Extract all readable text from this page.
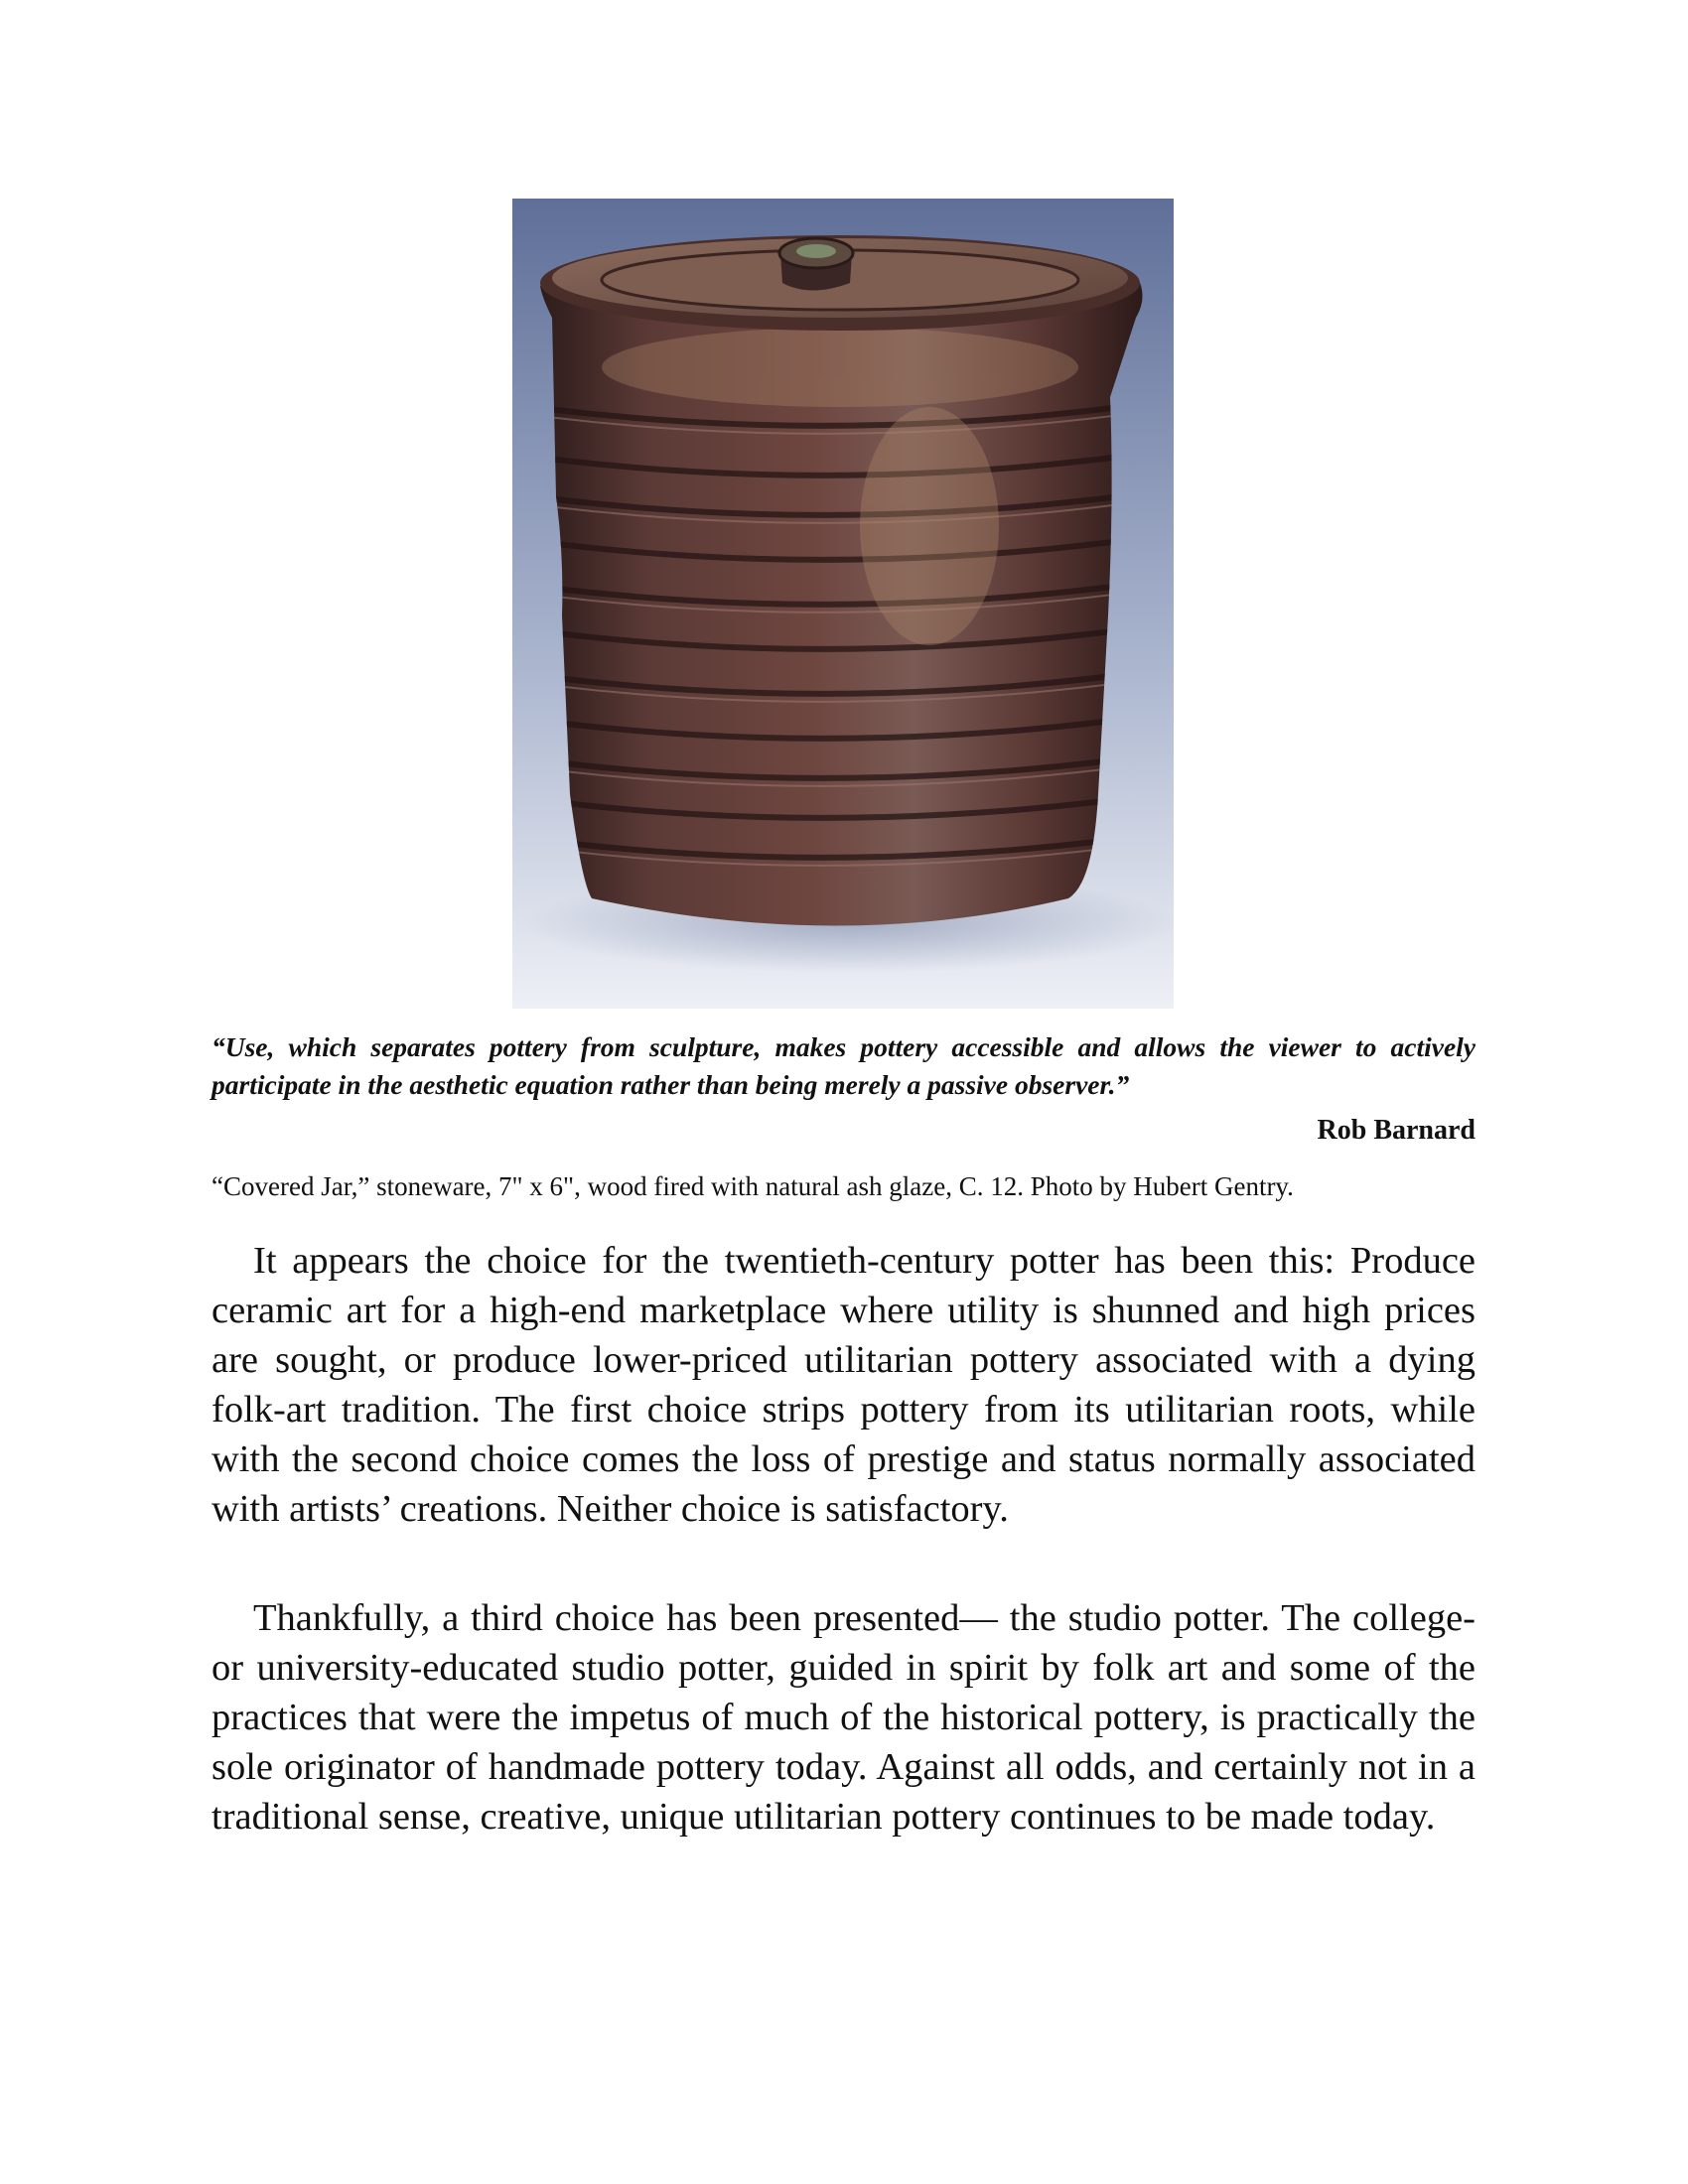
“Use, which separates pottery from sculpture, makes pottery accessible and allows the viewer to actively participate in the aesthetic equation rather than being merely a passive observer.”

Rob Barnard
“Covered Jar,” stoneware, 7" x 6", wood fired with natural ash glaze, C. 12. Photo by Hubert Gentry.

It appears the choice for the twentieth-century potter has been this: Produce ceramic art for a high-end marketplace where utility is shunned and high prices are sought, or produce lower-priced utilitarian pottery associated with a dying folk-art tradition. The first choice strips pottery from its utilitarian roots, while with the second choice comes the loss of prestige and status normally associated with artists’ creations. Neither choice is satisfactory.

Thankfully, a third choice has been presented— the studio potter. The college- or university-educated studio potter, guided in spirit by folk art and some of the practices that were the impetus of much of the historical pottery, is practically the sole originator of handmade pottery today. Against all odds, and certainly not in a traditional sense, creative, unique utilitarian pottery continues to be made today.
